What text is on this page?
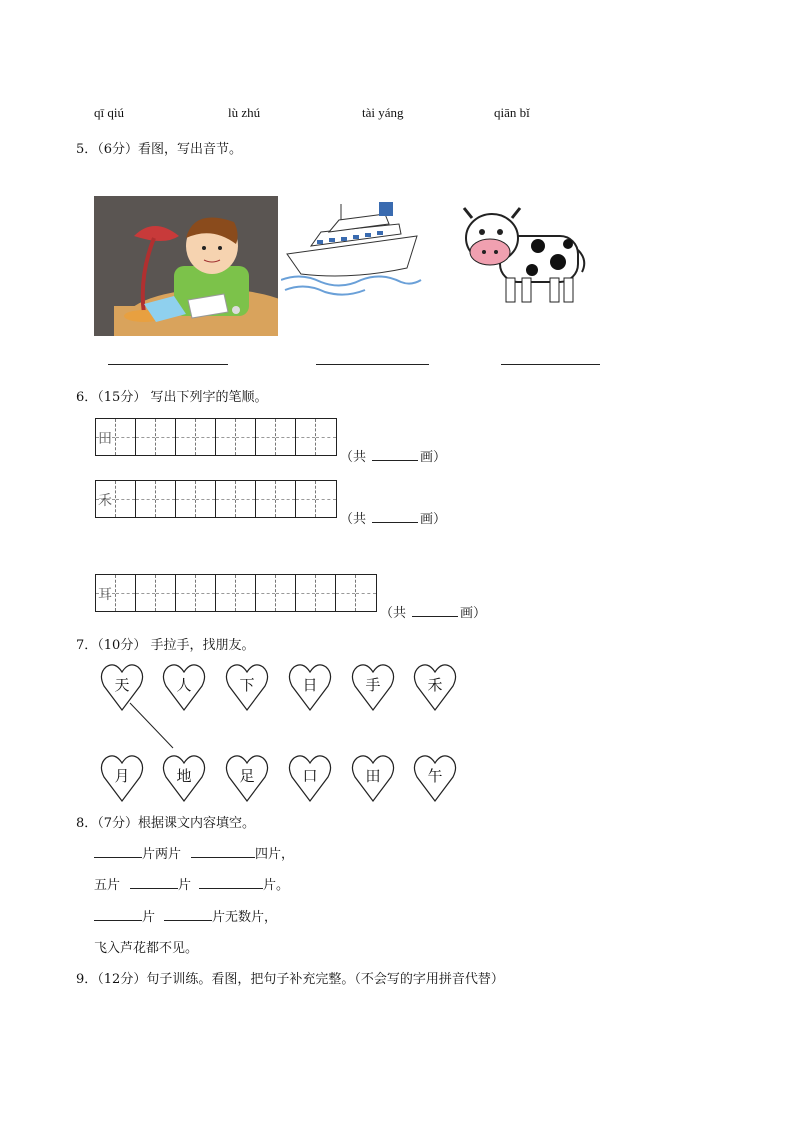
qī qiú	lù zhú	tài yáng	qiān bǐ
5．（6分）看图，写出音节。
6．（15分） 写出下列字的笔顺。
田
（共	画）
禾
（共	画）
耳
（共	画）
7．（10分） 手拉手，找朋友。
天	人	下	日	手	禾
月	地	足	口	田	午
8．（7分）根据课文内容填空。
片两片	四片，
五片	片	片。
片	片无数片，
飞入芦花都不见。
9．（12分）句子训练。看图，把句子补充完整。（不会写的字用拼音代替）
